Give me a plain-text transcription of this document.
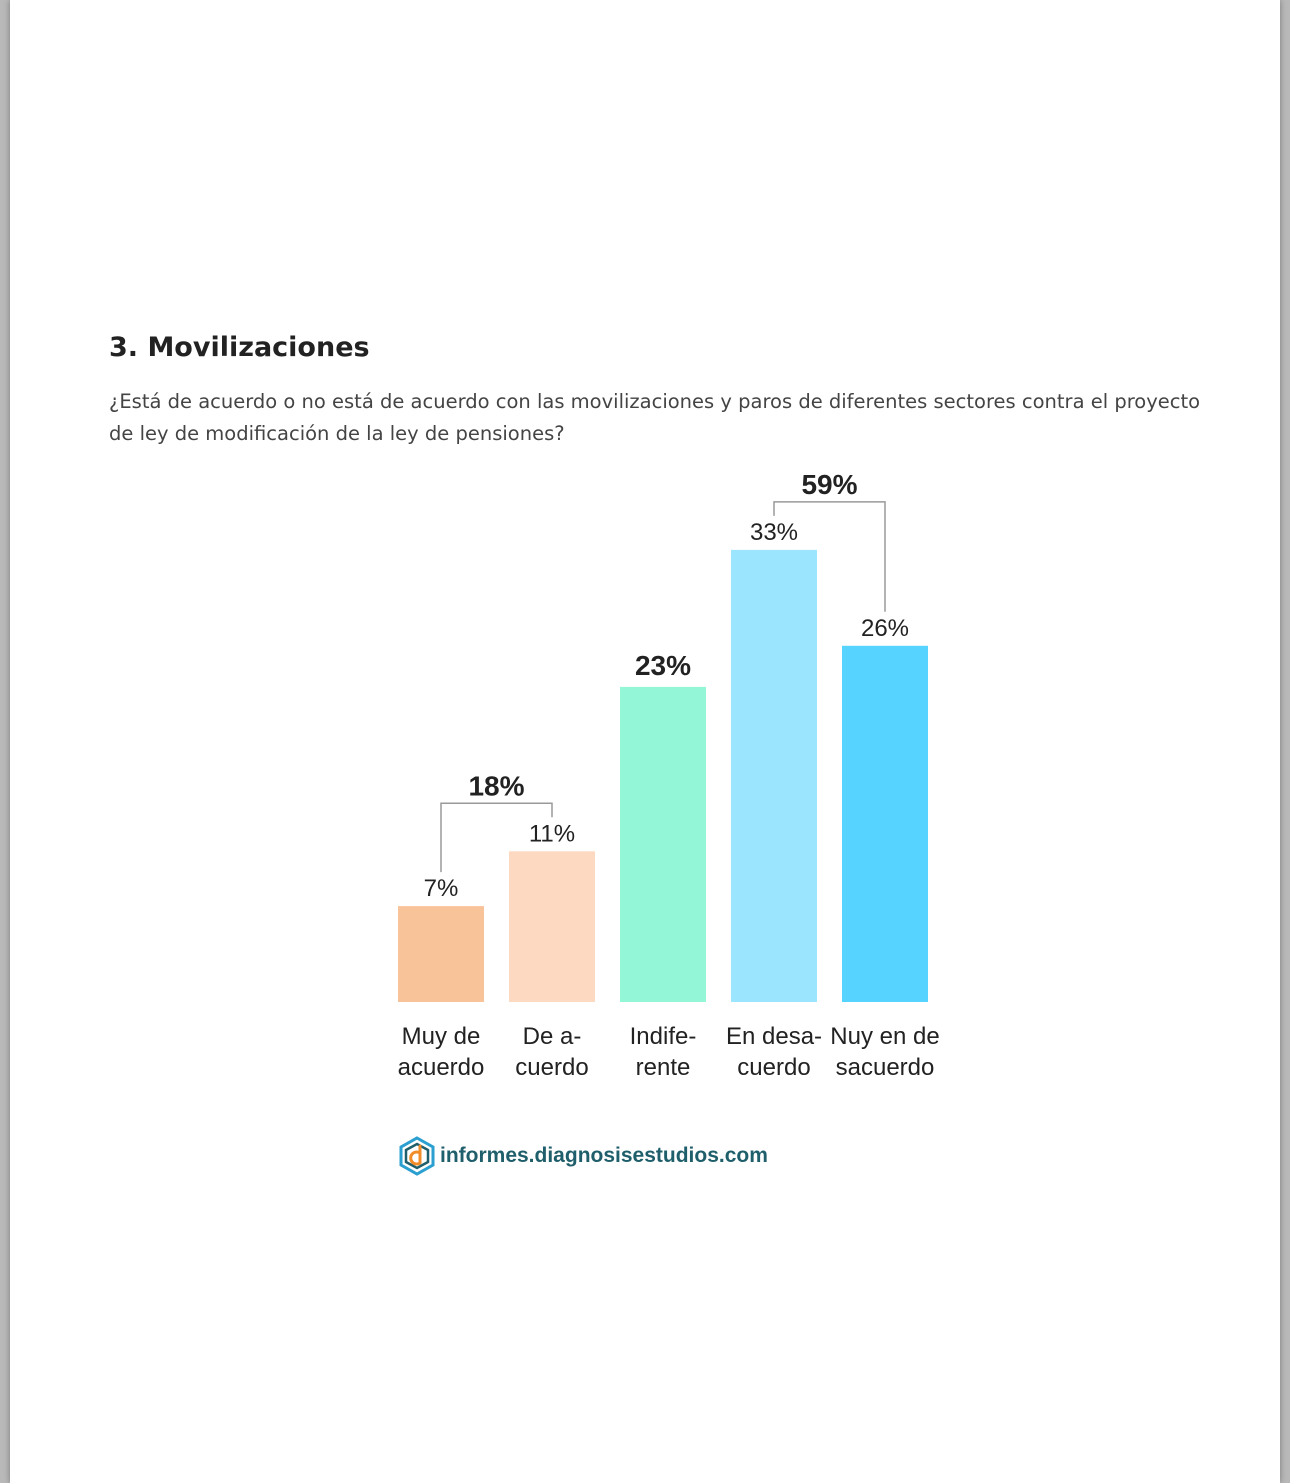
3. Movilizaciones

¿Está de acuerdo o no está de acuerdo con las movilizaciones y paros de diferentes sectores contra el proyecto de ley de modificación de la ley de pensiones?

7%
Muy de
acuerdo
11%
De a-
cuerdo
23%
Indife-
rente
33%
En desa-
cuerdo
26%
Nuy en de
sacuerdo
18%
59%
informes.diagnosisestudios.com
